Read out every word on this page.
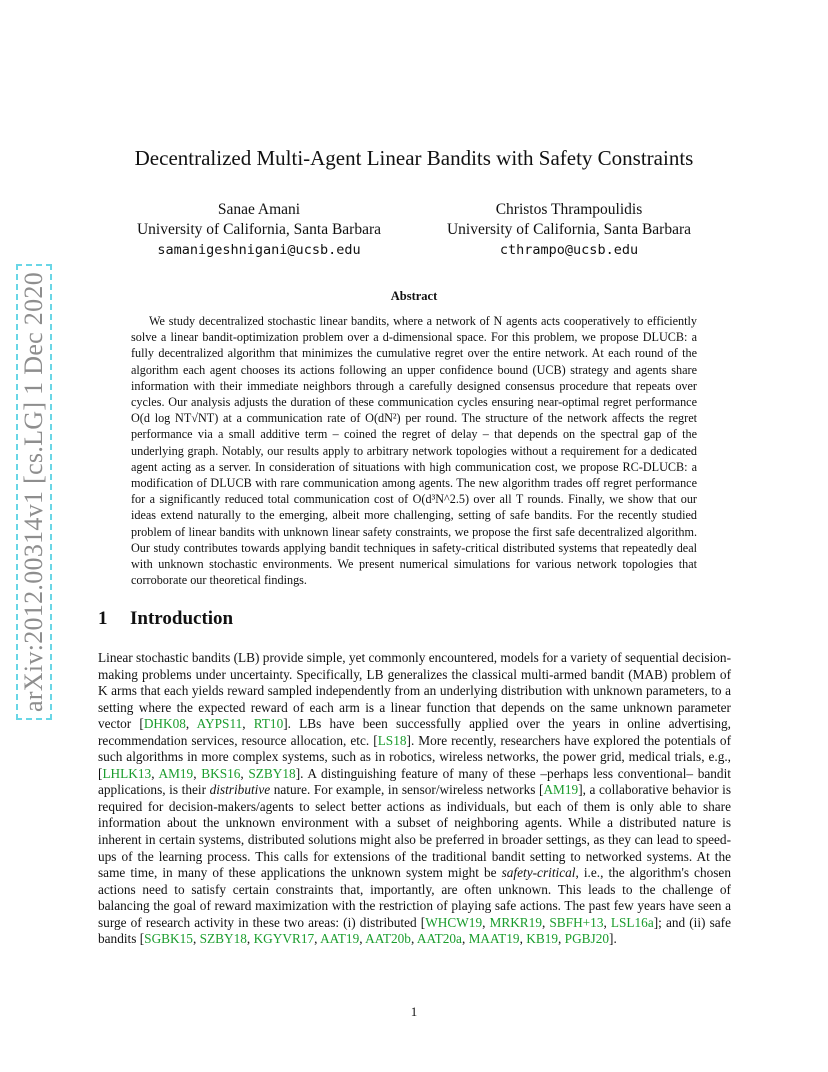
arXiv:2012.00314v1 [cs.LG] 1 Dec 2020
Decentralized Multi-Agent Linear Bandits with Safety Constraints
Sanae Amani
University of California, Santa Barbara
samanigeshnigani@ucsb.edu
Christos Thrampoulidis
University of California, Santa Barbara
cthrampo@ucsb.edu
Abstract

We study decentralized stochastic linear bandits, where a network of N agents acts cooperatively to efficiently solve a linear bandit-optimization problem over a d-dimensional space. For this problem, we propose DLUCB: a fully decentralized algorithm that minimizes the cumulative regret over the entire network. At each round of the algorithm each agent chooses its actions following an upper confidence bound (UCB) strategy and agents share information with their immediate neighbors through a carefully designed consensus procedure that repeats over cycles. Our analysis adjusts the duration of these communication cycles ensuring near-optimal regret performance O(d log NT√NT) at a communication rate of O(dN²) per round. The structure of the network affects the regret performance via a small additive term – coined the regret of delay – that depends on the spectral gap of the underlying graph. Notably, our results apply to arbitrary network topologies without a requirement for a dedicated agent acting as a server. In consideration of situations with high communication cost, we propose RC-DLUCB: a modification of DLUCB with rare communication among agents. The new algorithm trades off regret performance for a significantly reduced total communication cost of O(d³N^2.5) over all T rounds. Finally, we show that our ideas extend naturally to the emerging, albeit more challenging, setting of safe bandits. For the recently studied problem of linear bandits with unknown linear safety constraints, we propose the first safe decentralized algorithm. Our study contributes towards applying bandit techniques in safety-critical distributed systems that repeatedly deal with unknown stochastic environments. We present numerical simulations for various network topologies that corroborate our theoretical findings.

1 Introduction

Linear stochastic bandits (LB) provide simple, yet commonly encountered, models for a variety of sequential decision-making problems under uncertainty. Specifically, LB generalizes the classical multi-armed bandit (MAB) problem of K arms that each yields reward sampled independently from an underlying distribution with unknown parameters, to a setting where the expected reward of each arm is a linear function that depends on the same unknown parameter vector [DHK08, AYPS11, RT10]. LBs have been successfully applied over the years in online advertising, recommendation services, resource allocation, etc. [LS18]. More recently, researchers have explored the potentials of such algorithms in more complex systems, such as in robotics, wireless networks, the power grid, medical trials, e.g., [LHLK13, AM19, BKS16, SZBY18]. A distinguishing feature of many of these –perhaps less conventional– bandit applications, is their distributive nature. For example, in sensor/wireless networks [AM19], a collaborative behavior is required for decision-makers/agents to select better actions as individuals, but each of them is only able to share information about the unknown environment with a subset of neighboring agents. While a distributed nature is inherent in certain systems, distributed solutions might also be preferred in broader settings, as they can lead to speed-ups of the learning process. This calls for extensions of the traditional bandit setting to networked systems. At the same time, in many of these applications the unknown system might be safety-critical, i.e., the algorithm's chosen actions need to satisfy certain constraints that, importantly, are often unknown. This leads to the challenge of balancing the goal of reward maximization with the restriction of playing safe actions. The past few years have seen a surge of research activity in these two areas: (i) distributed [WHCW19, MRKR19, SBFH+13, LSL16a]; and (ii) safe bandits [SGBK15, SZBY18, KGYVR17, AAT19, AAT20b, AAT20a, MAAT19, KB19, PGBJ20].

1
